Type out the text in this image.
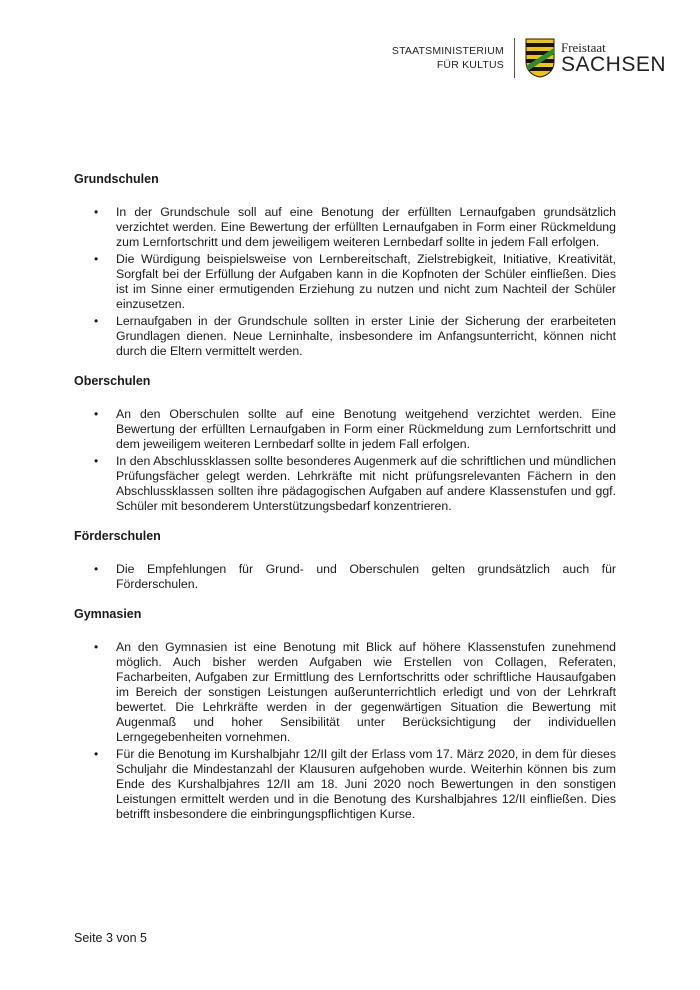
STAATSMINISTERIUM
FÜR KULTUS
Freistaat
SACHSEN
Grundschulen
• In der Grundschule soll auf eine Benotung der erfüllten Lernaufgaben grundsätzlich verzichtet werden. Eine Bewertung der erfüllten Lernaufgaben in Form einer Rückmeldung zum Lernfortschritt und dem jeweiligem weiteren Lernbedarf sollte in jedem Fall erfolgen.
• Die Würdigung beispielsweise von Lernbereitschaft, Zielstrebigkeit, Initiative, Kreativität, Sorgfalt bei der Erfüllung der Aufgaben kann in die Kopfnoten der Schüler einfließen. Dies ist im Sinne einer ermutigenden Erziehung zu nutzen und nicht zum Nachteil der Schüler einzusetzen.
• Lernaufgaben in der Grundschule sollten in erster Linie der Sicherung der erarbeiteten Grundlagen dienen. Neue Lerninhalte, insbesondere im Anfangsunterricht, können nicht durch die Eltern vermittelt werden.
Oberschulen
• An den Oberschulen sollte auf eine Benotung weitgehend verzichtet werden. Eine Bewertung der erfüllten Lernaufgaben in Form einer Rückmeldung zum Lernfortschritt und dem jeweiligem weiteren Lernbedarf sollte in jedem Fall erfolgen.
• In den Abschlussklassen sollte besonderes Augenmerk auf die schriftlichen und mündlichen Prüfungsfächer gelegt werden. Lehrkräfte mit nicht prüfungsrelevanten Fächern in den Abschlussklassen sollten ihre pädagogischen Aufgaben auf andere Klassenstufen und ggf. Schüler mit besonderem Unterstützungsbedarf konzentrieren.
Förderschulen
• Die Empfehlungen für Grund- und Oberschulen gelten grundsätzlich auch für Förderschulen.
Gymnasien
• An den Gymnasien ist eine Benotung mit Blick auf höhere Klassenstufen zunehmend möglich. Auch bisher werden Aufgaben wie Erstellen von Collagen, Referaten, Facharbeiten, Aufgaben zur Ermittlung des Lernfortschritts oder schriftliche Hausaufgaben im Bereich der sonstigen Leistungen außerunterrichtlich erledigt und von der Lehrkraft bewertet. Die Lehrkräfte werden in der gegenwärtigen Situation die Bewertung mit Augenmaß und hoher Sensibilität unter Berücksichtigung der individuellen Lerngegebenheiten vornehmen.
• Für die Benotung im Kurshalbjahr 12/II gilt der Erlass vom 17. März 2020, in dem für dieses Schuljahr die Mindestanzahl der Klausuren aufgehoben wurde. Weiterhin können bis zum Ende des Kurshalbjahres 12/II am 18. Juni 2020 noch Bewertungen in den sonstigen Leistungen ermittelt werden und in die Benotung des Kurshalbjahres 12/II einfließen. Dies betrifft insbesondere die einbringungspflichtigen Kurse.
Seite 3 von 5
